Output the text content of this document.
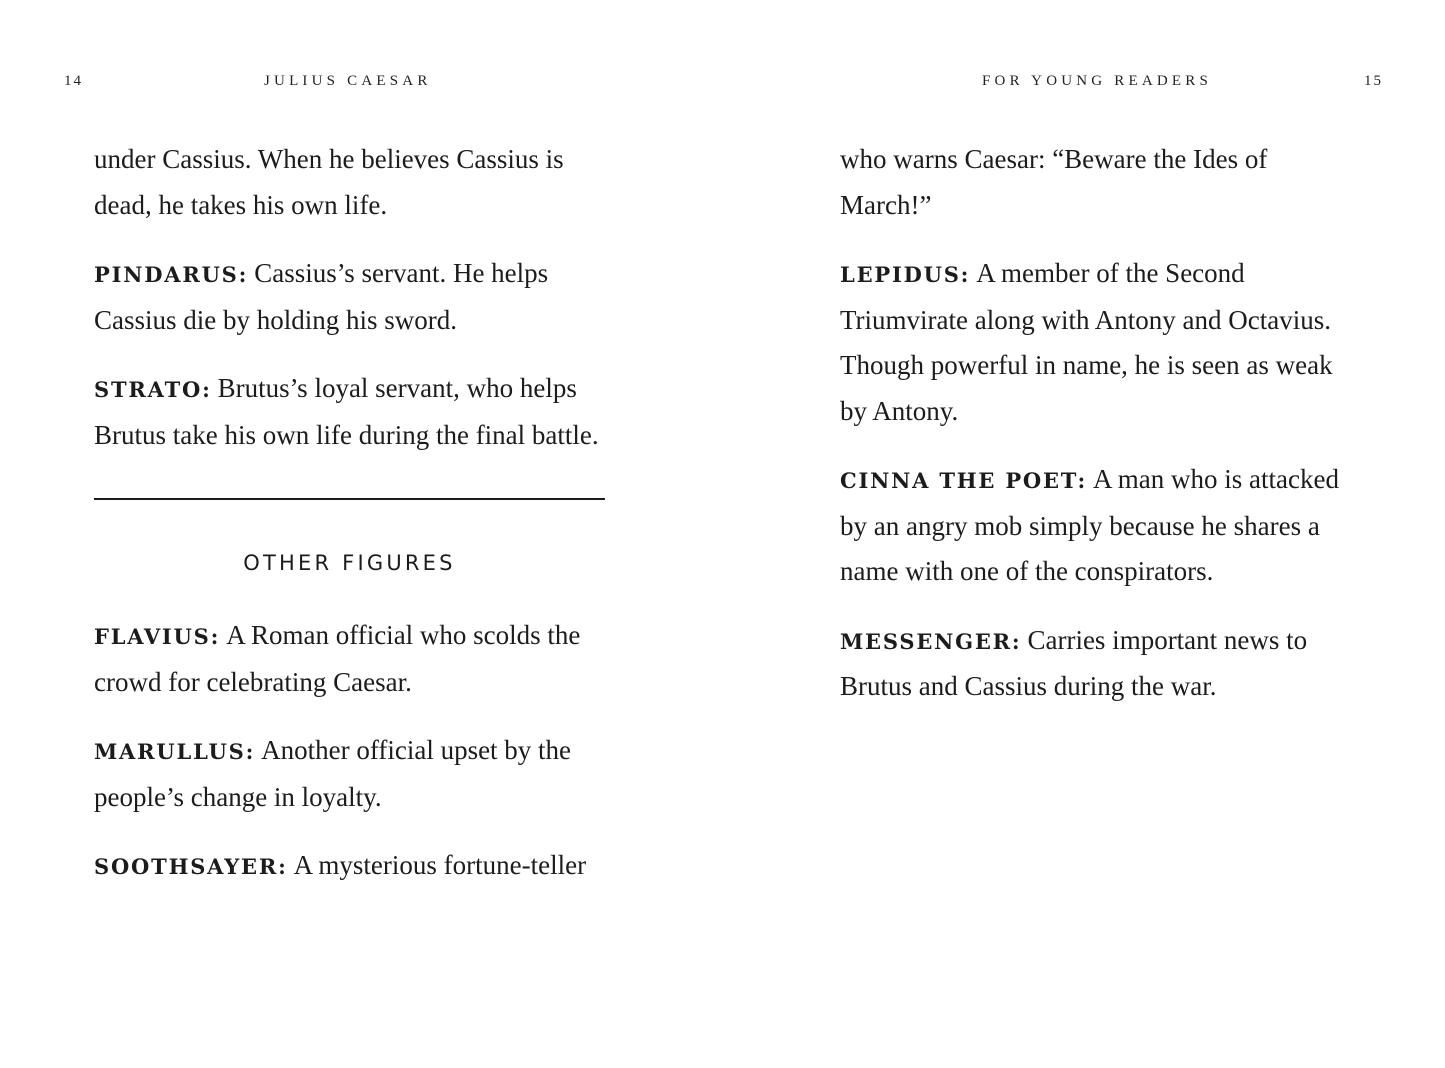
14	JULIUS CAESAR

under Cassius. When he believes Cassius is dead, he takes his own life.

PINDARUS: Cassius’s servant. He helps Cassius die by holding his sword.

STRATO: Brutus’s loyal servant, who helps Brutus take his own life during the final battle.

OTHER FIGURES

FLAVIUS: A Roman official who scolds the crowd for celebrating Caesar.

MARULLUS: Another official upset by the people’s change in loyalty.

SOOTHSAYER: A mysterious fortune-teller

FOR YOUNG READERS	15

who warns Caesar: “Beware the Ides of March!”

LEPIDUS: A member of the Second Triumvirate along with Antony and Octavius. Though powerful in name, he is seen as weak by Antony.

CINNA THE POET: A man who is attacked by an angry mob simply because he shares a name with one of the conspirators.

MESSENGER: Carries important news to Brutus and Cassius during the war.
